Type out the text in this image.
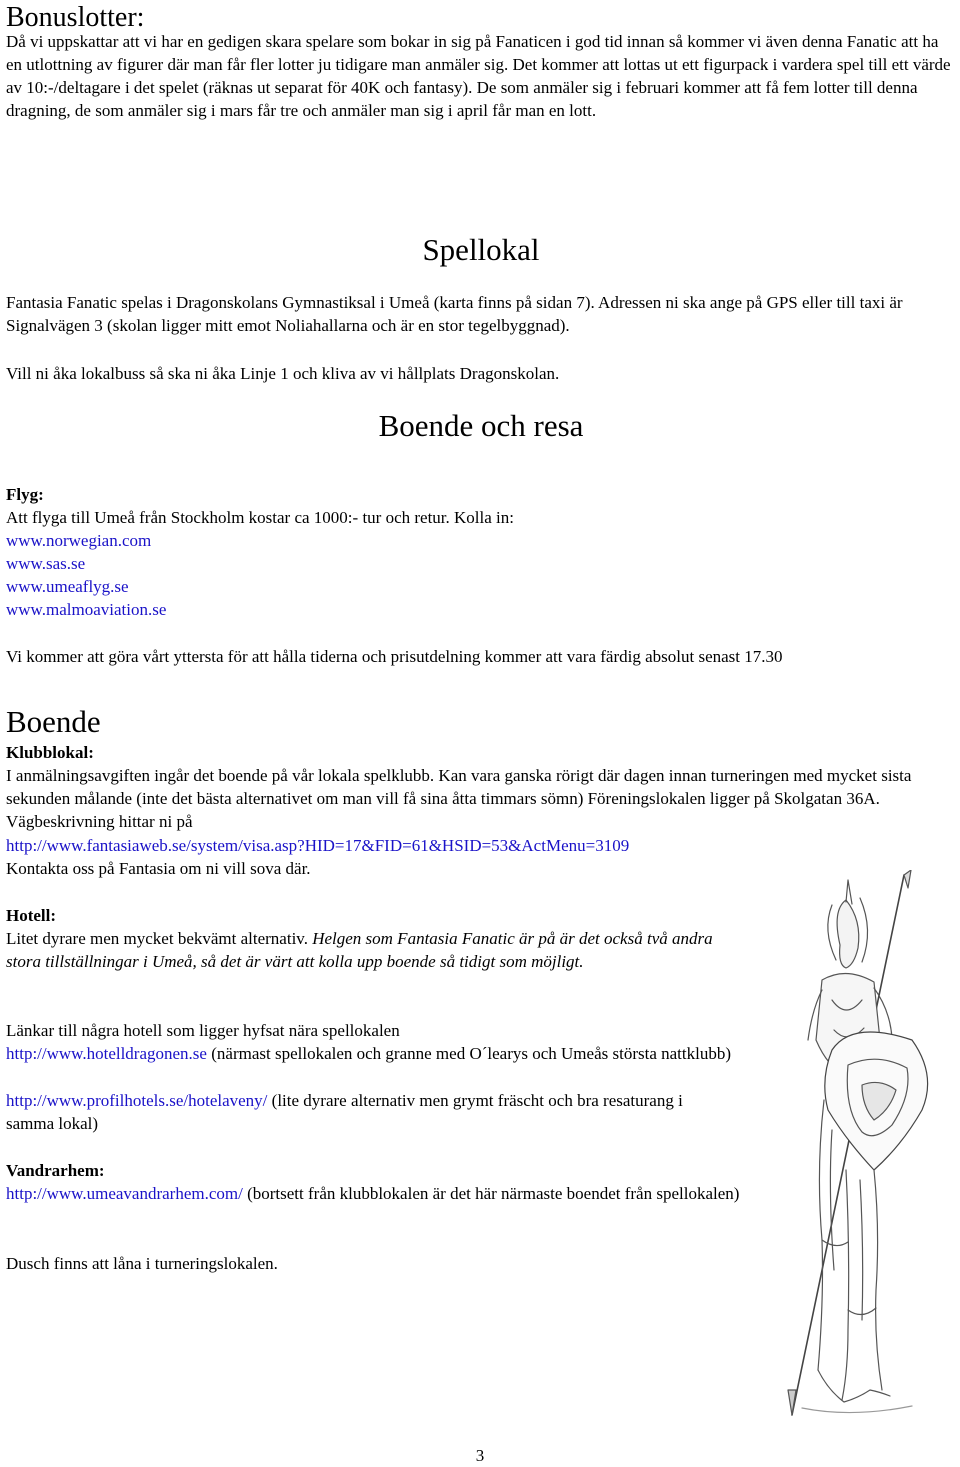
Bonuslotter:

Då vi uppskattar att vi har en gedigen skara spelare som bokar in sig på Fanaticen i god tid innan så kommer vi även denna Fanatic att ha en utlottning av figurer där man får fler lotter ju tidigare man anmäler sig. Det kommer att lottas ut ett figurpack i vardera spel till ett värde av 10:-/deltagare i det spelet (räknas ut separat för 40K och fantasy). De som anmäler sig i februari kommer att få fem lotter till denna dragning, de som anmäler sig i mars får tre och anmäler man sig i april får man en lott.

Spellokal

Fantasia Fanatic spelas i Dragonskolans Gymnastiksal i Umeå (karta finns på sidan 7). Adressen ni ska ange på GPS eller till taxi är Signalvägen 3 (skolan ligger mitt emot Noliahallarna och är en stor tegelbyggnad).

Vill ni åka lokalbuss så ska ni åka Linje 1 och kliva av vi hållplats Dragonskolan.

Boende och resa

Flyg:

Att flyga till Umeå från Stockholm kostar ca 1000:- tur och retur. Kolla in:

www.norwegian.com
www.sas.se
www.umeaflyg.se
www.malmoaviation.se

Vi kommer att göra vårt yttersta för att hålla tiderna och prisutdelning kommer att vara färdig absolut senast 17.30

Boende

Klubblokal:

I anmälningsavgiften ingår det boende på vår lokala spelklubb. Kan vara ganska rörigt där dagen innan turneringen med mycket sista sekunden målande (inte det bästa alternativet om man vill få sina åtta timmars sömn) Föreningslokalen ligger på Skolgatan 36A. Vägbeskrivning hittar ni på

http://www.fantasiaweb.se/system/visa.asp?HID=17&FID=61&HSID=53&ActMenu=3109

Kontakta oss på Fantasia om ni vill sova där.

Hotell:

Litet dyrare men mycket bekvämt alternativ. Helgen som Fantasia Fanatic är på är det också två andra stora tillställningar i Umeå, så det är värt att kolla upp boende så tidigt som möjligt.

Länkar till några hotell som ligger hyfsat nära spellokalen

http://www.hotelldragonen.se (närmast spellokalen och granne med O´learys och Umeås största nattklubb)

http://www.profilhotels.se/hotelaveny/ (lite dyrare alternativ men grymt fräscht och bra resaturang i samma lokal)

Vandrarhem:

http://www.umeavandrarhem.com/ (bortsett från klubblokalen är det här närmaste boendet från spellokalen)

Dusch finns att låna i turneringslokalen.

3
